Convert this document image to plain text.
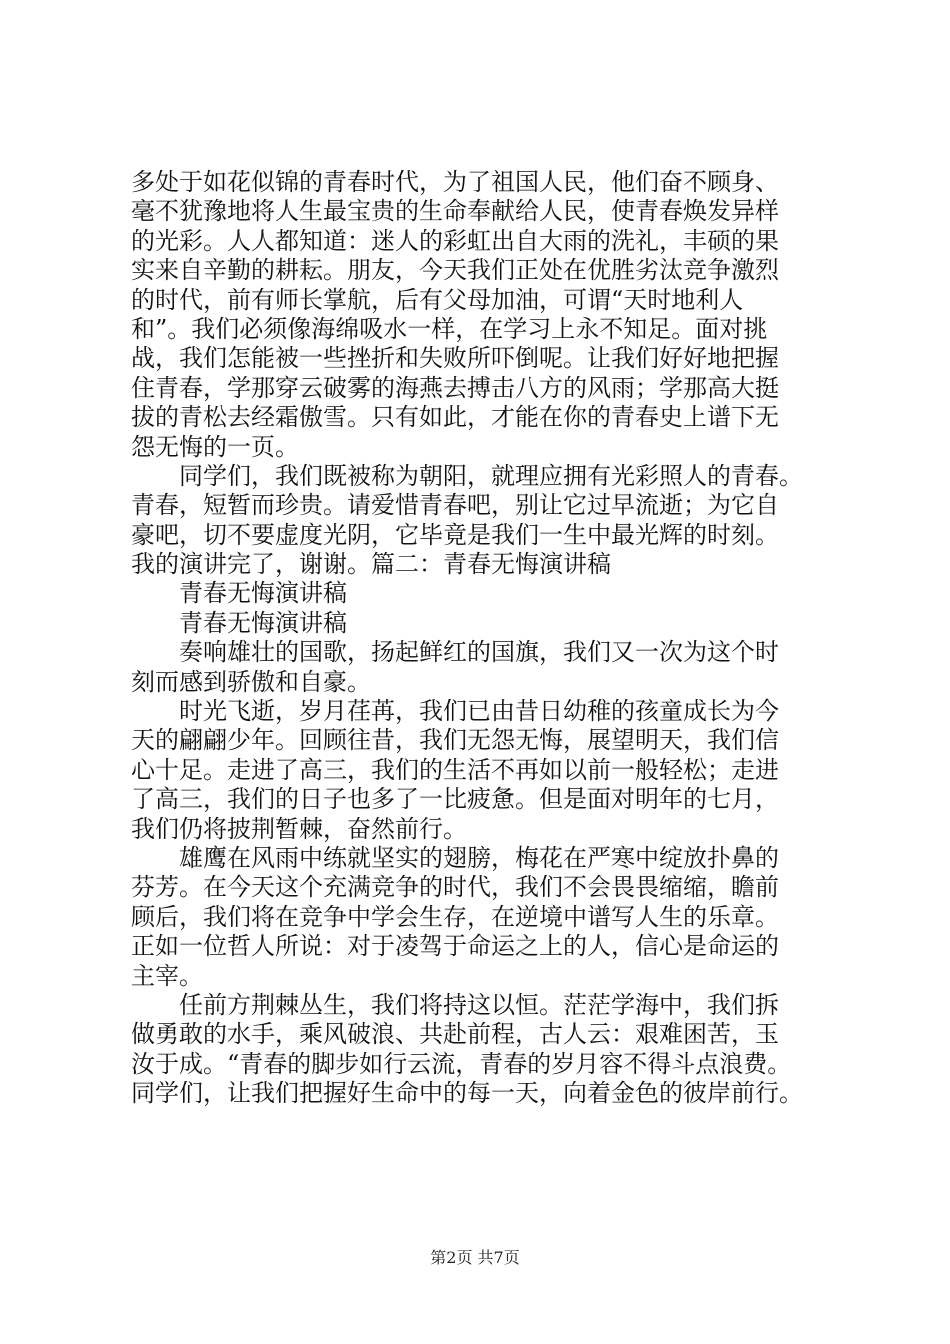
多处于如花似锦的青春时代，为了祖国人民，他们奋不顾身、
毫不犹豫地将人生最宝贵的生命奉献给人民，使青春焕发异样
的光彩。人人都知道：迷人的彩虹出自大雨的洗礼，丰硕的果
实来自辛勤的耕耘。朋友，今天我们正处在优胜劣汰竞争激烈
的时代，前有师长掌航，后有父母加油，可谓“天时地利人
和”。我们必须像海绵吸水一样，在学习上永不知足。面对挑
战，我们怎能被一些挫折和失败所吓倒呢。让我们好好地把握
住青春，学那穿云破雾的海燕去搏击八方的风雨；学那高大挺
拔的青松去经霜傲雪。只有如此，才能在你的青春史上谱下无
怨无悔的一页。
同学们，我们既被称为朝阳，就理应拥有光彩照人的青春。
青春，短暂而珍贵。请爱惜青春吧，别让它过早流逝；为它自
豪吧，切不要虚度光阴，它毕竟是我们一生中最光辉的时刻。
我的演讲完了，谢谢。篇二：青春无悔演讲稿
青春无悔演讲稿
青春无悔演讲稿
奏响雄壮的国歌，扬起鲜红的国旗，我们又一次为这个时
刻而感到骄傲和自豪。
时光飞逝，岁月荏苒，我们已由昔日幼稚的孩童成长为今
天的翩翩少年。回顾往昔，我们无怨无悔，展望明天，我们信
心十足。走进了高三，我们的生活不再如以前一般轻松；走进
了高三，我们的日子也多了一比疲惫。但是面对明年的七月，
我们仍将披荆暂棘，奋然前行。
雄鹰在风雨中练就坚实的翅膀，梅花在严寒中绽放扑鼻的
芬芳。在今天这个充满竞争的时代，我们不会畏畏缩缩，瞻前
顾后，我们将在竞争中学会生存，在逆境中谱写人生的乐章。
正如一位哲人所说：对于凌驾于命运之上的人，信心是命运的
主宰。
任前方荆棘丛生，我们将持这以恒。茫茫学海中，我们拆
做勇敢的水手，乘风破浪、共赴前程，古人云：艰难困苦，玉
汝于成。“青春的脚步如行云流，青春的岁月容不得斗点浪费。
同学们，让我们把握好生命中的每一天，向着金色的彼岸前行。
第2页 共7页
